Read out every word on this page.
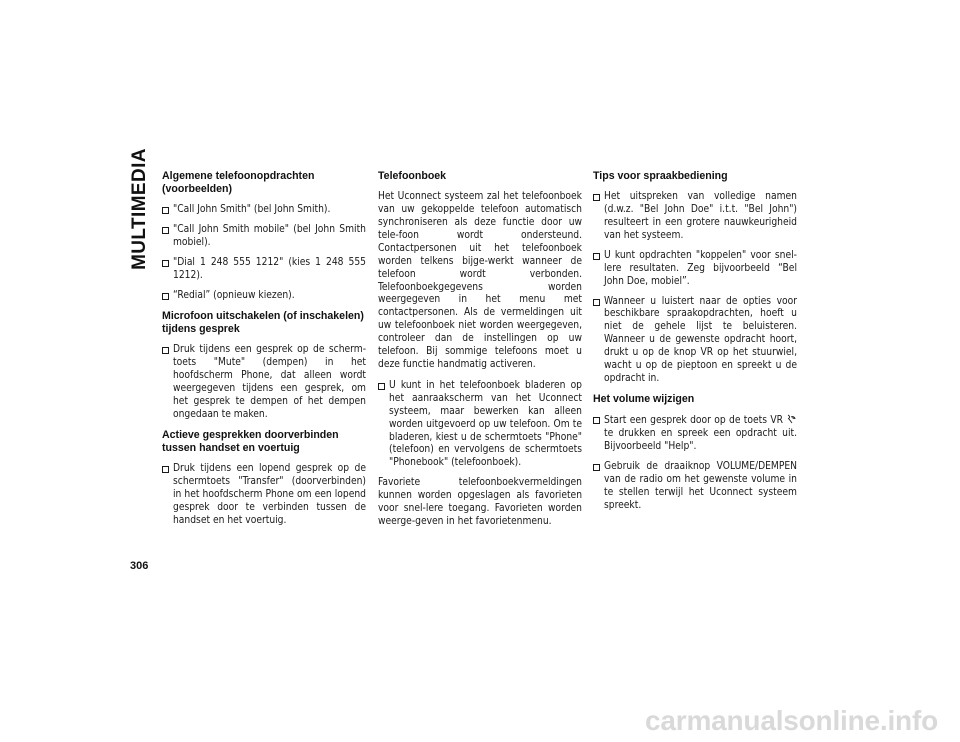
MULTIMEDIA Algemene telefoonopdrachten (voorbeelden)
"Call John Smith" (bel John Smith).
"Call John Smith mobile" (bel John Smith mobiel).
"Dial 1 248 555 1212" (kies 1 248 555 1212).
“Redial” (opnieuw kiezen).
Microfoon uitschakelen (of inschakelen) tijdens gesprek
Druk tijdens een gesprek op de scherm-toets "Mute" (dempen) in het hoofdscherm Phone, dat alleen wordt weergegeven tijdens een gesprek, om het gesprek te dempen of het dempen ongedaan te maken.
Actieve gesprekken doorverbinden tussen handset en voertuig
Druk tijdens een lopend gesprek op de schermtoets "Transfer" (doorverbinden) in het hoofdscherm Phone om een lopend gesprek door te verbinden tussen de handset en het voertuig.
Telefoonboek

Het Uconnect systeem zal het telefoonboek van uw gekoppelde telefoon automatisch synchroniseren als deze functie door uw tele-foon wordt ondersteund. Contactpersonen uit het telefoonboek worden telkens bijge-werkt wanneer de telefoon wordt verbonden. Telefoonboekgegevens worden weergegeven in het menu met contactpersonen. Als de vermeldingen uit uw telefoonboek niet worden weergegeven, controleer dan de instellingen op uw telefoon. Bij sommige telefoons moet u deze functie handmatig activeren.

U kunt in het telefoonboek bladeren op het aanraakscherm van het Uconnect systeem, maar bewerken kan alleen worden uitgevoerd op uw telefoon. Om te bladeren, kiest u de schermtoets "Phone" (telefoon) en vervolgens de schermtoets "Phonebook" (telefoonboek).

Favoriete telefoonboekvermeldingen kunnen worden opgeslagen als favorieten voor snel-lere toegang. Favorieten worden weerge-geven in het favorietenmenu.

Tips voor spraakbediening
Het uitspreken van volledige namen (d.w.z. "Bel John Doe" i.t.t. "Bel John") resulteert in een grotere nauwkeurigheid van het systeem.
U kunt opdrachten "koppelen" voor snel-lere resultaten. Zeg bijvoorbeeld “Bel John Doe, mobiel”.
Wanneer u luistert naar de opties voor beschikbare spraakopdrachten, hoeft u niet de gehele lijst te beluisteren. Wanneer u de gewenste opdracht hoort, drukt u op de knop VR op het stuurwiel, wacht u op de pieptoon en spreekt u de opdracht in.
Het volume wijzigen
Start een gesprek door op de toets VR te drukken en spreek een opdracht uit. Bijvoorbeeld "Help".
Gebruik de draaiknop VOLUME/DEMPEN van de radio om het gewenste volume in te stellen terwijl het Uconnect systeem spreekt.
306
carmanualsonline.info
